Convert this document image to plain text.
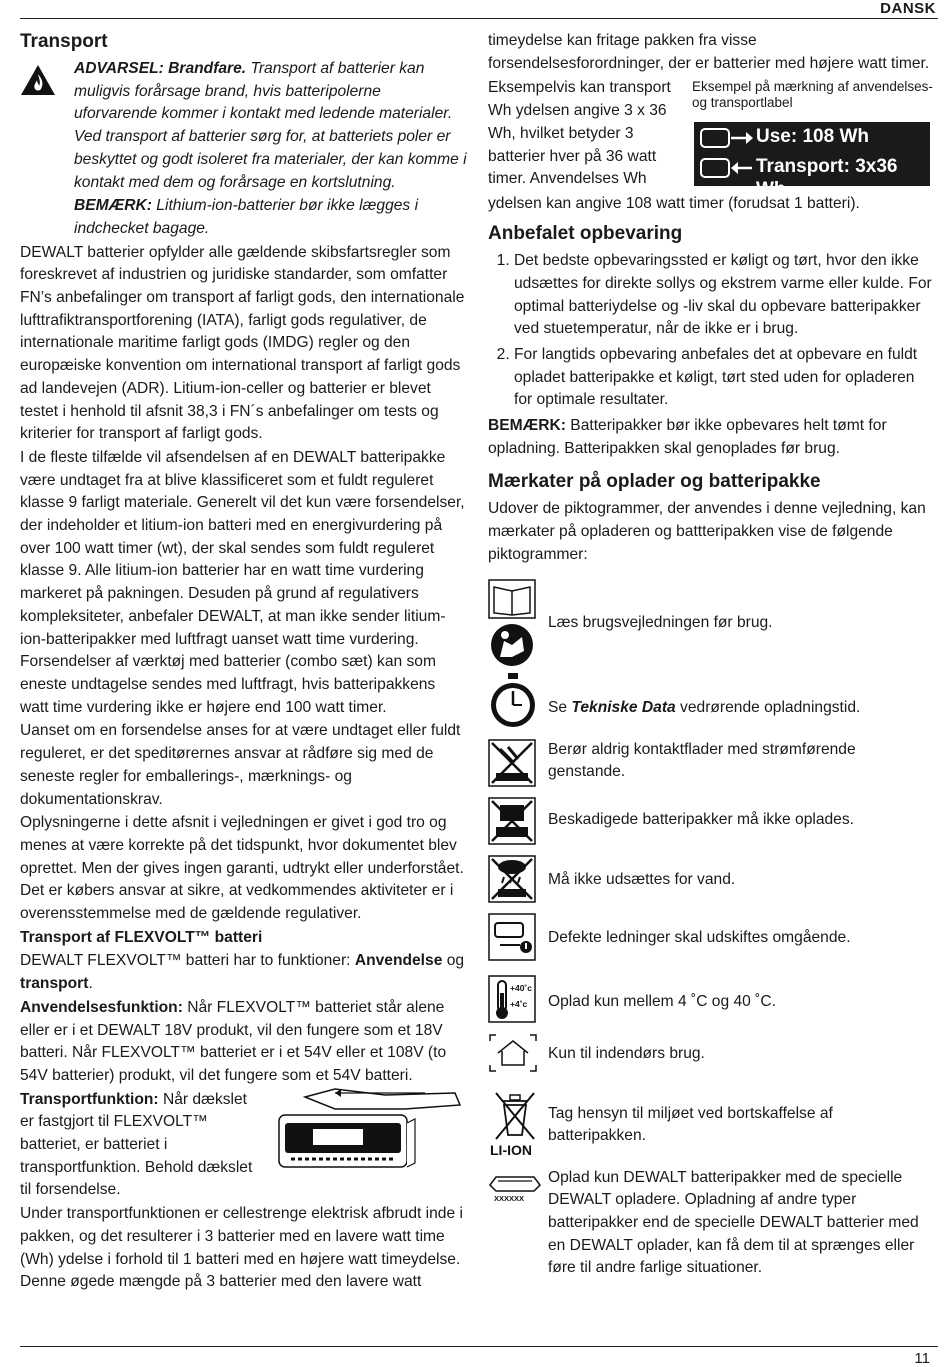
DANSK
Transport

ADVARSEL: Brandfare. Transport af batterier kan muligvis forårsage brand, hvis batteripolerne uforvarende kommer i kontakt med ledende materialer. Ved transport af batterier sørg for, at batteriets poler er beskyttet og godt isoleret fra materialer, der kan komme i kontakt med dem og forårsage en kortslutning.

BEMÆRK: Lithium-ion-batterier bør ikke lægges i indchecket bagage.

DEWALT batterier opfylder alle gældende skibsfartsregler som foreskrevet af industrien og juridiske standarder, som omfatter FN’s anbefalinger om transport af farligt gods, den internationale lufttrafiktransportforening (IATA), farligt gods regulativer, de internationale maritime farligt gods (IMDG) regler og den europæiske konvention om international transport af farligt gods ad landevejen (ADR). Litium-ion-celler og batterier er blevet testet i henhold til afsnit 38,3 i FN´s anbefalinger om tests og kriterier for transport af farligt gods.

I de fleste tilfælde vil afsendelsen af en DEWALT batteripakke være undtaget fra at blive klassificeret som et fuldt reguleret klasse 9 farligt materiale. Generelt vil det kun være forsendelser, der indeholder et litium-ion batteri med en energivurdering på over 100 watt timer (wt), der skal sendes som fuldt reguleret klasse 9. Alle litium-ion batterier har en watt time vurdering markeret på pakningen. Desuden på grund af regulativers kompleksiteter, anbefaler DEWALT, at man ikke sender litium-ion-batteripakker med luftfragt uanset watt time vurdering. Forsendelser af værktøj med batterier (combo sæt) kan som eneste undtagelse sendes med luftfragt, hvis batteripakkens watt time vurdering ikke er højere end 100 watt timer.

Uanset om en forsendelse anses for at være undtaget eller fuldt reguleret, er det speditørernes ansvar at rådføre sig med de seneste regler for emballerings-, mærknings- og dokumentationskrav.

Oplysningerne i dette afsnit i vejledningen er givet i god tro og menes at være korrekte på det tidspunkt, hvor dokumentet blev oprettet. Men der gives ingen garanti, udtrykt eller underforstået. Det er købers ansvar at sikre, at vedkommendes aktiviteter er i overensstemmelse med de gældende regulativer.

Transport af FLEXVOLT™ batteri

DEWALT FLEXVOLT™ batteri har to funktioner: Anvendelse og transport.

Anvendelsesfunktion: Når FLEXVOLT™ batteriet står alene eller er i et DEWALT 18V produkt, vil den fungere som et 18V batteri. Når FLEXVOLT™ batteriet er i et 54V eller et 108V (to 54V batterier) produkt, vil det fungere som et 54V batteri.

Transportfunktion: Når dækslet er fastgjort til FLEXVOLT™ batteriet, er batteriet i transportfunktion. Behold dækslet til forsendelse.

Under transportfunktionen er cellestrenge elektrisk afbrudt inde i pakken, og det resulterer i 3 batterier med en lavere watt time (Wh) ydelse i forhold til 1 batteri med en højere watt timeydelse. Denne øgede mængde på 3 batterier med den lavere watt

timeydelse kan fritage pakken fra visse forsendelsesforordninger, der er batterier med højere watt timer.

Eksempelvis kan transport Wh ydelsen angive 3 x 36 Wh, hvilket betyder 3 batterier hver på 36 watt timer. Anvendelses Wh

Eksempel på mærkning af anvendelses- og transportlabel
Use: 108 Wh
Transport: 3x36 Wh

ydelsen kan angive 108 watt timer (forudsat 1 batteri).

Anbefalet opbevaring
1. Det bedste opbevaringssted er køligt og tørt, hvor den ikke udsættes for direkte sollys og ekstrem varme eller kulde. For optimal batteriydelse og -liv skal du opbevare batteripakker ved stuetemperatur, når de ikke er i brug.
2. For langtids opbevaring anbefales det at opbevare en fuldt opladet batteripakke et køligt, tørt sted uden for opladeren for optimale resultater.

BEMÆRK: Batteripakker bør ikke opbevares helt tømt for opladning. Batteripakken skal genoplades før brug.

Mærkater på oplader og batteripakke

Udover de piktogrammer, der anvendes i denne vejledning, kan mærkater på opladeren og battteripakken vise de følgende piktogrammer:

Læs brugsvejledningen før brug.
Se Tekniske Data vedrørende opladningstid.
Berør aldrig kontaktflader med strømførende genstande.
Beskadigede batteripakker må ikke oplades.
Må ikke udsættes for vand.
Defekte ledninger skal udskiftes omgående.
+40˚c
+4˚c Oplad kun mellem 4 ˚C og 40 ˚C.
Kun til indendørs brug.
LI-ION
Tag hensyn til miljøet ved bortskaffelse af batteripakken.
XXXXXX
Oplad kun DEWALT batteripakker med de specielle DEWALT opladere. Opladning af andre typer batteripakker end de specielle DEWALT batterier med en DEWALT oplader, kan få dem til at sprænges eller føre til andre farlige situationer.
11
